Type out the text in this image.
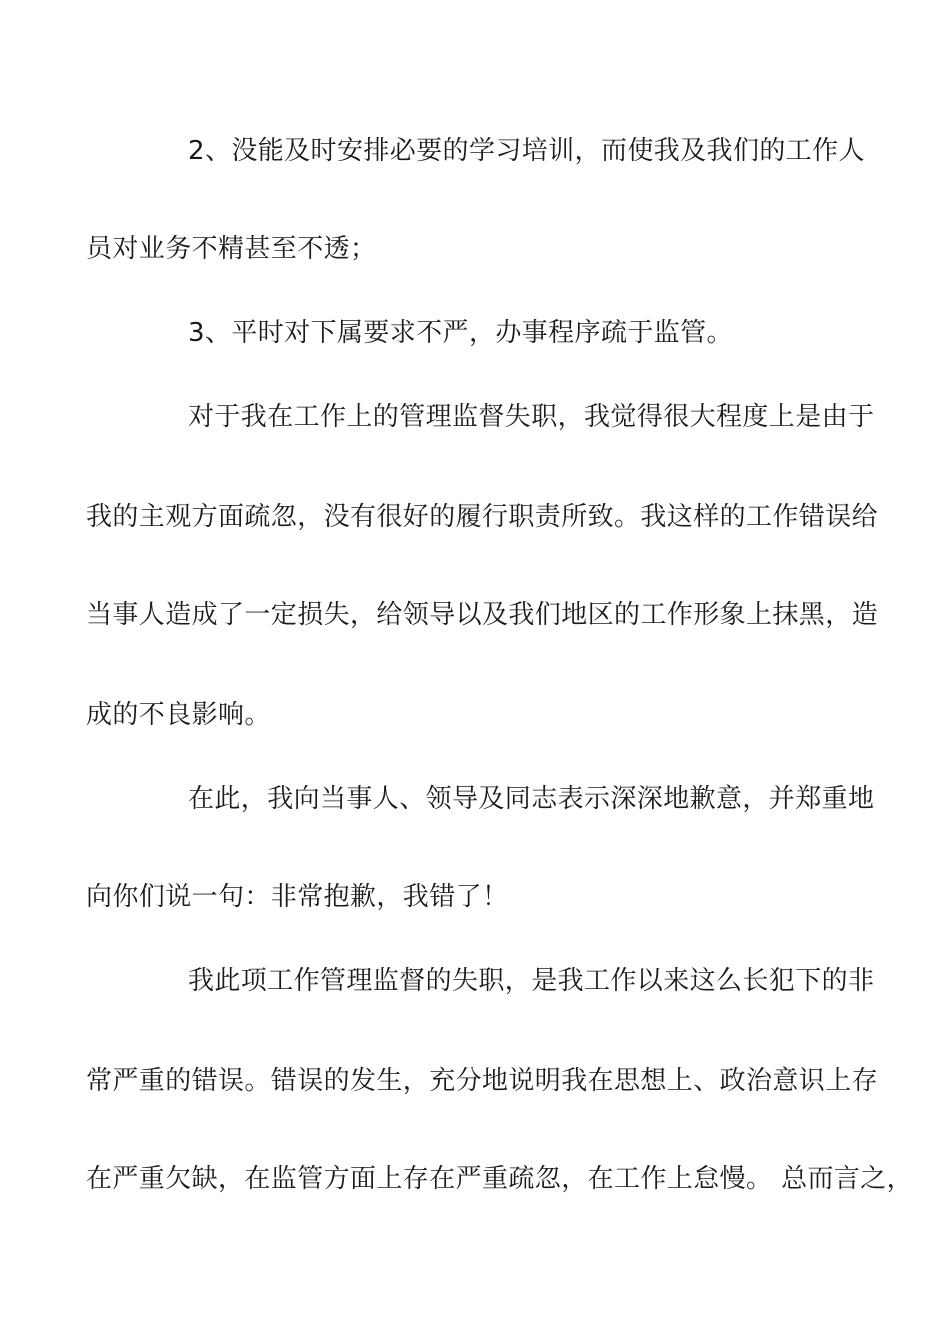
2、没能及时安排必要的学习培训，而使我及我们的工作人
员对业务不精甚至不透；
3、平时对下属要求不严，办事程序疏于监管。
对于我在工作上的管理监督失职，我觉得很大程度上是由于
我的主观方面疏忽，没有很好的履行职责所致。我这样的工作错误给
当事人造成了一定损失，给领导以及我们地区的工作形象上抹黑，造
成的不良影响。
在此，我向当事人、领导及同志表示深深地歉意，并郑重地
向你们说一句：非常抱歉，我错了！
我此项工作管理监督的失职，是我工作以来这么长犯下的非
常严重的错误。错误的发生，充分地说明我在思想上、政治意识上存
在严重欠缺，在监管方面上存在严重疏忽，在工作上怠慢。 总而言之，
